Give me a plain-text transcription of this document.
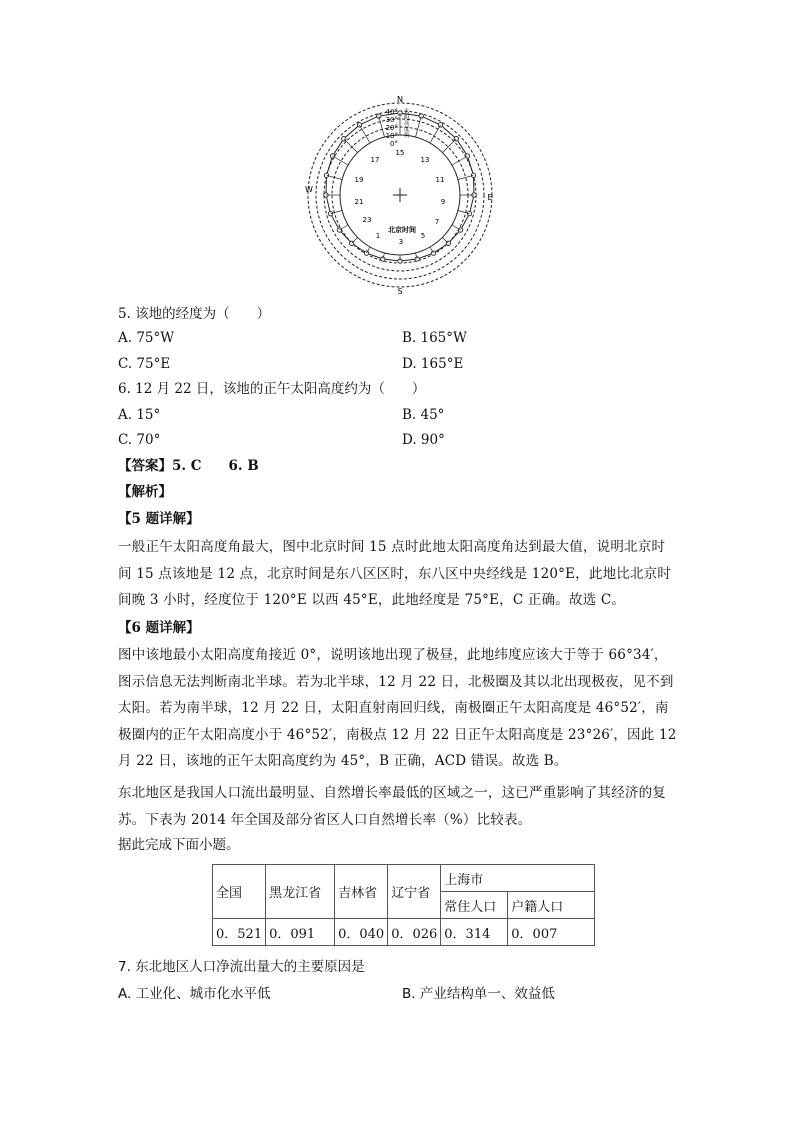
N
S
E
W
40°
30°
20°
10°
0°
太
阳
高
度
角
15
13
11
9
7
5
3
1
23
21
19
17
北京时间
5. 该地的经度为（　　）
A. 75°W	B. 165°W
C. 75°E	D. 165°E
6. 12 月 22 日，该地的正午太阳高度约为（　　）
A. 15°	B. 45°
C. 70°	D. 90°
【答案】5. C　　6. B
【解析】
【5 题详解】
一般正午太阳高度角最大，图中北京时间 15 点时此地太阳高度角达到最大值，说明北京时间 15 点该地是 12 点，北京时间是东八区区时，东八区中央经线是 120°E，此地比北京时间晚 3 小时，经度位于 120°E 以西 45°E，此地经度是 75°E，C 正确。故选 C。
【6 题详解】
图中该地最小太阳高度角接近 0°，说明该地出现了极昼，此地纬度应该大于等于 66°34′，图示信息无法判断南北半球。若为北半球，12 月 22 日，北极圈及其以北出现极夜，见不到太阳。若为南半球，12 月 22 日，太阳直射南回归线，南极圈正午太阳高度是 46°52′，南极圈内的正午太阳高度小于 46°52′，南极点 12 月 22 日正午太阳高度是 23°26′，因此 12 月 22 日，该地的正午太阳高度约为 45°，B 正确，ACD 错误。故选 B。
东北地区是我国人口流出最明显、自然增长率最低的区域之一，这已严重影响了其经济的复苏。下表为 2014 年全国及部分省区人口自然增长率（%）比较表。
据此完成下面小题。
全国	黑龙江省	吉林省	辽宁省	上海市	
				常住人口	户籍人口
0．521	0．091	0．040	0．026	0．314	0．007
7. 东北地区人口净流出量大的主要原因是
A. 工业化、城市化水平低	B. 产业结构单一、效益低
